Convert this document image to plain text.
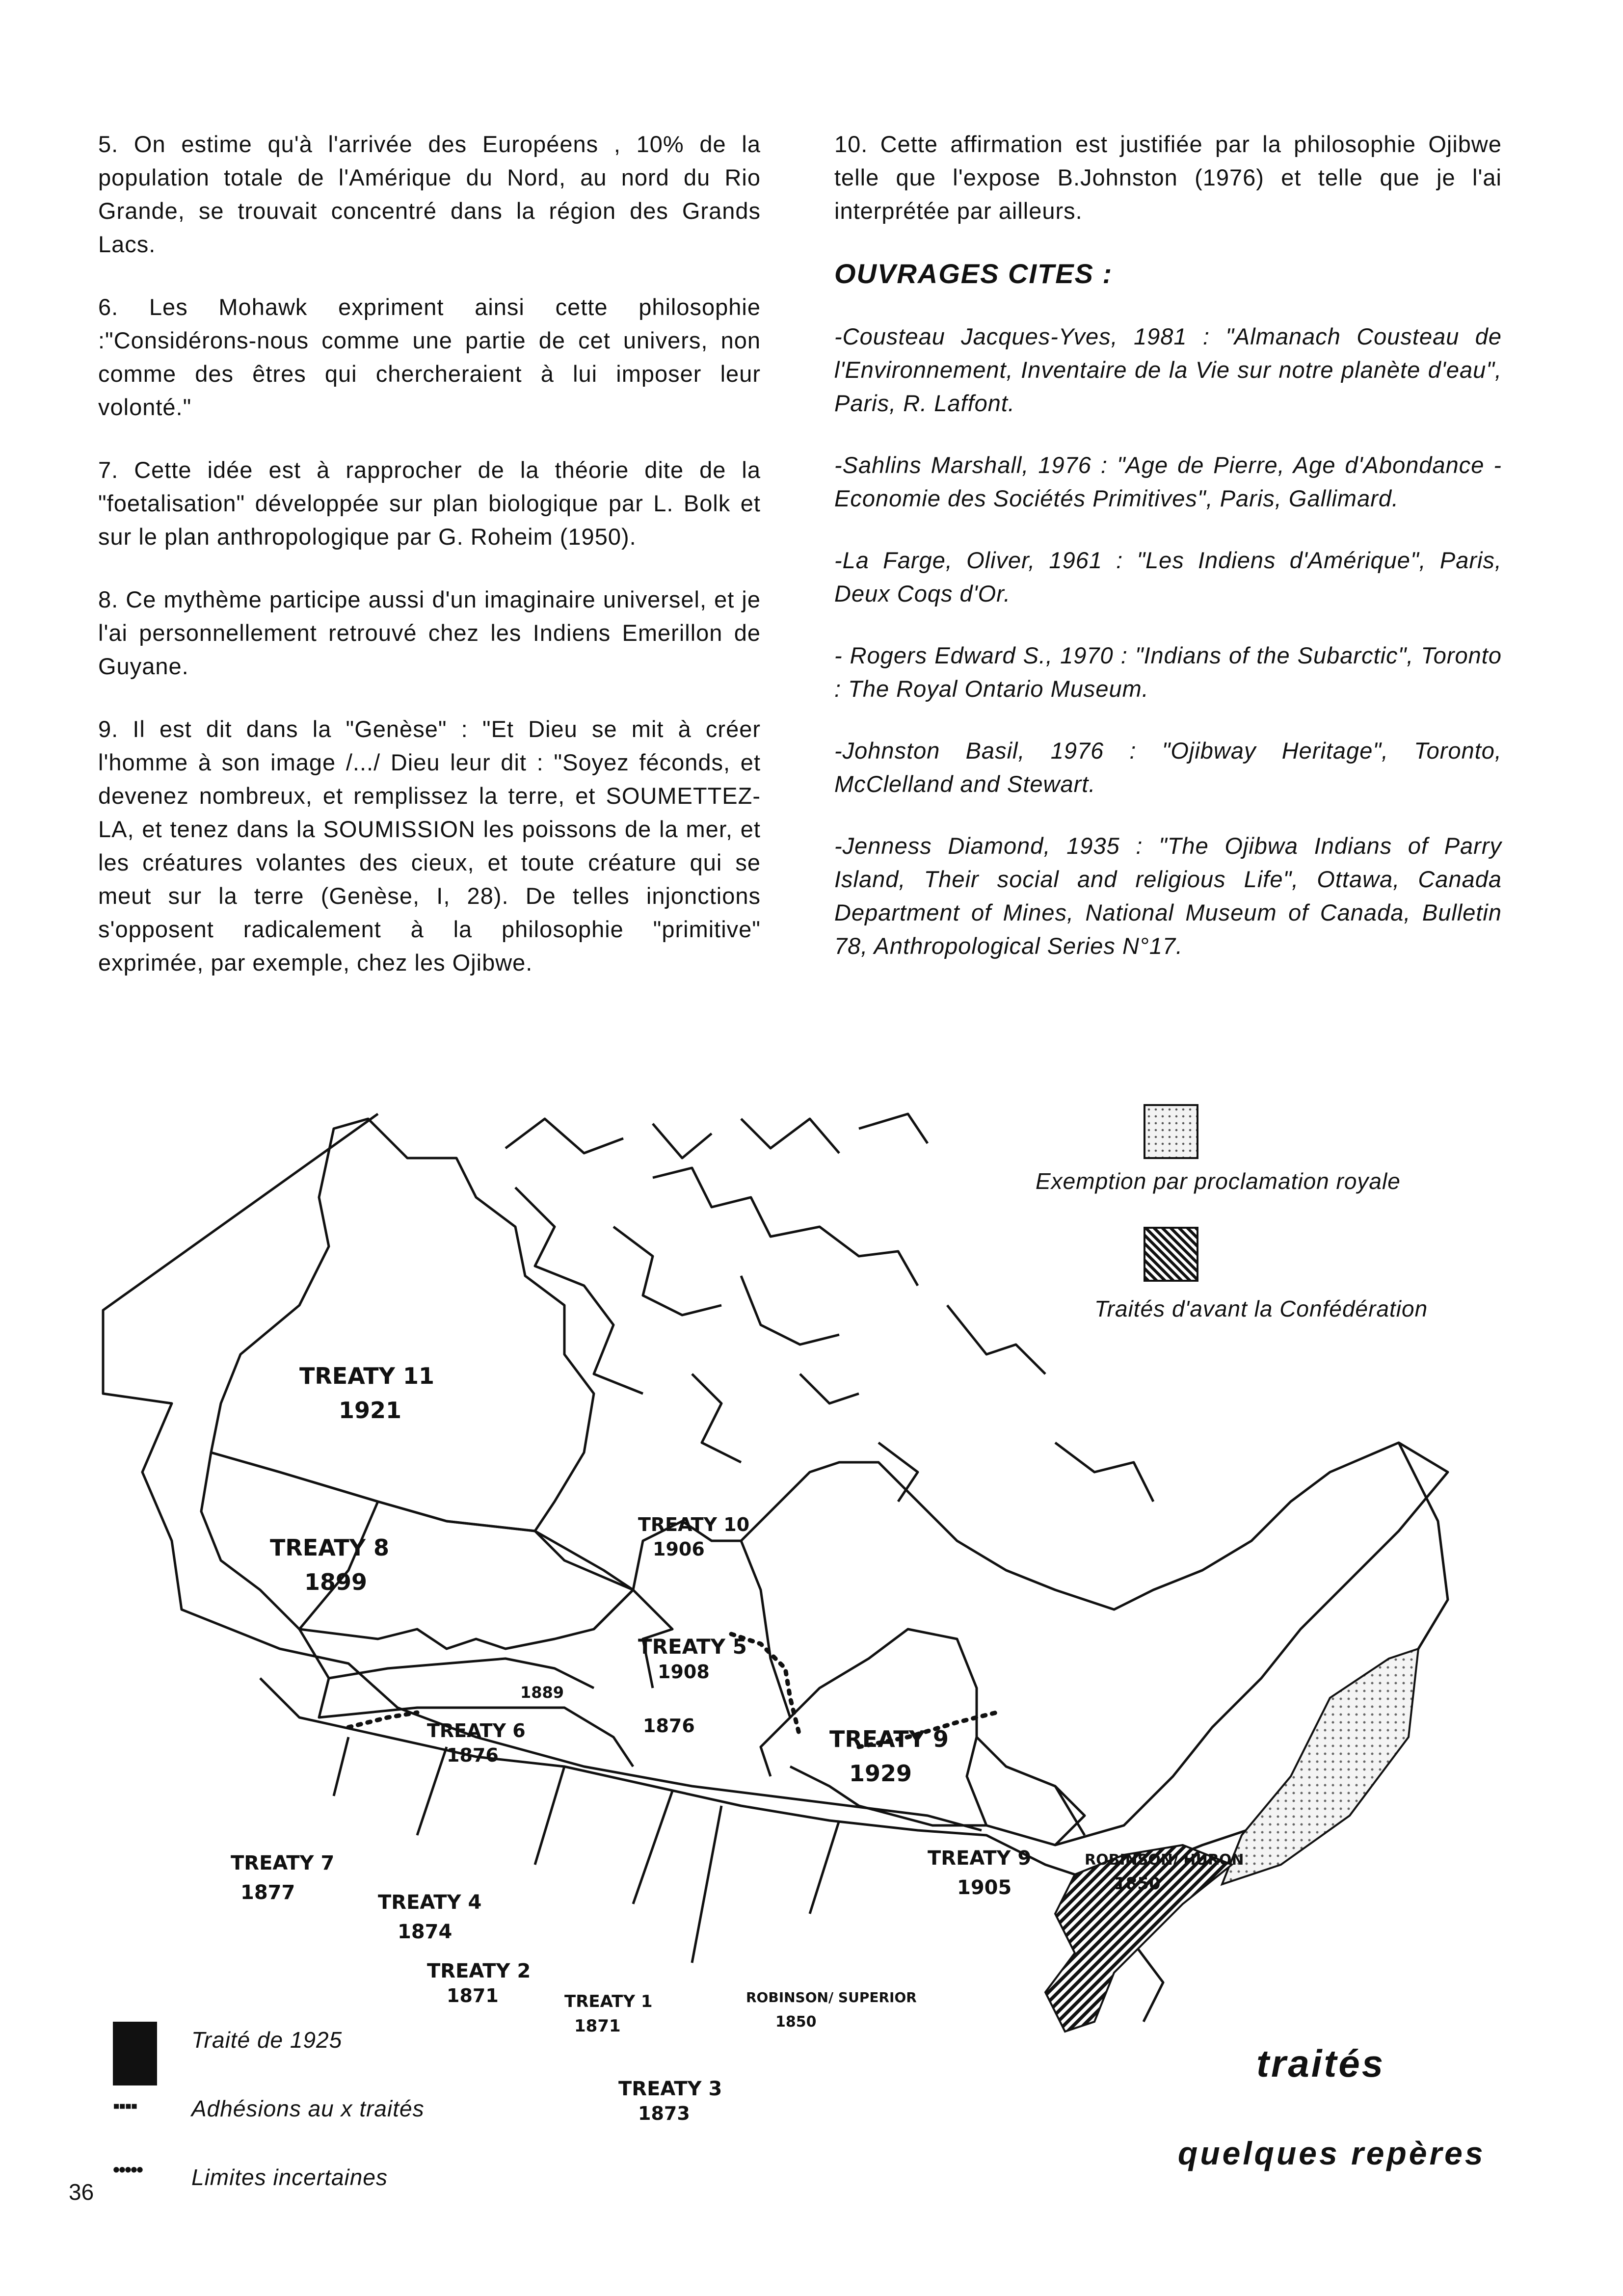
5. On estime qu'à l'arrivée des Européens , 10% de la population totale de l'Amérique du Nord, au nord du Rio Grande, se trouvait concentré dans la région des Grands Lacs.

6. Les Mohawk expriment ainsi cette philosophie :"Considérons-nous comme une partie de cet univers, non comme des êtres qui chercheraient à lui imposer leur volonté."

7. Cette idée est à rapprocher de la théorie dite de la "foetalisation" développée sur plan biologique par L. Bolk et sur le plan anthropologique par G. Roheim (1950).

8. Ce mythème participe aussi d'un imaginaire universel, et je l'ai personnellement retrouvé chez les Indiens Emerillon de Guyane.

9. Il est dit dans la "Genèse" : "Et Dieu se mit à créer l'homme à son image /.../ Dieu leur dit : "Soyez féconds, et devenez nombreux, et remplissez la terre, et SOUMETTEZ-LA, et tenez dans la SOUMISSION les poissons de la mer, et les créatures volantes des cieux, et toute créature qui se meut sur la terre (Genèse, I, 28). De telles injonctions s'opposent radicalement à la philosophie "primitive" exprimée, par exemple, chez les Ojibwe.

10. Cette affirmation est justifiée par la philosophie Ojibwe telle que l'expose B.Johnston (1976) et telle que je l'ai interprétée par ailleurs.

OUVRAGES CITES :

-Cousteau Jacques-Yves, 1981 : "Almanach Cousteau de l'Environnement, Inventaire de la Vie sur notre planète d'eau", Paris, R. Laffont.

-Sahlins Marshall, 1976 : "Age de Pierre, Age d'Abondance - Economie des Sociétés Primitives", Paris, Gallimard.

-La Farge, Oliver, 1961 : "Les Indiens d'Amérique", Paris, Deux Coqs d'Or.

- Rogers Edward S., 1970 : "Indians of the Subarctic", Toronto : The Royal Ontario Museum.

-Johnston Basil, 1976 : "Ojibway Heritage", Toronto, McClelland and Stewart.

-Jenness Diamond, 1935 : "The Ojibwa Indians of Parry Island, Their social and religious Life", Ottawa, Canada Department of Mines, National Museum of Canada, Bulletin 78, Anthropological Series N°17.

TREATY 11
1921
TREATY 8
1899
TREATY 10
1906
TREATY 5
1908
1876
1889
TREATY 6
1876
TREATY 9
1929
TREATY 9
1905
ROBINSON/ HURON
1850
TREATY 7
1877	TREATY 4
1874
TREATY 2
1871	TREATY 1
1871
ROBINSON/ SUPERIOR
1850
TREATY 3
1873
Exemption par proclamation royale
Traités d'avant la Confédération
Traité de 1925
▪▪▪▪ Adhésions au x traités
••••• Limites incertaines
traités
quelques repères
36
